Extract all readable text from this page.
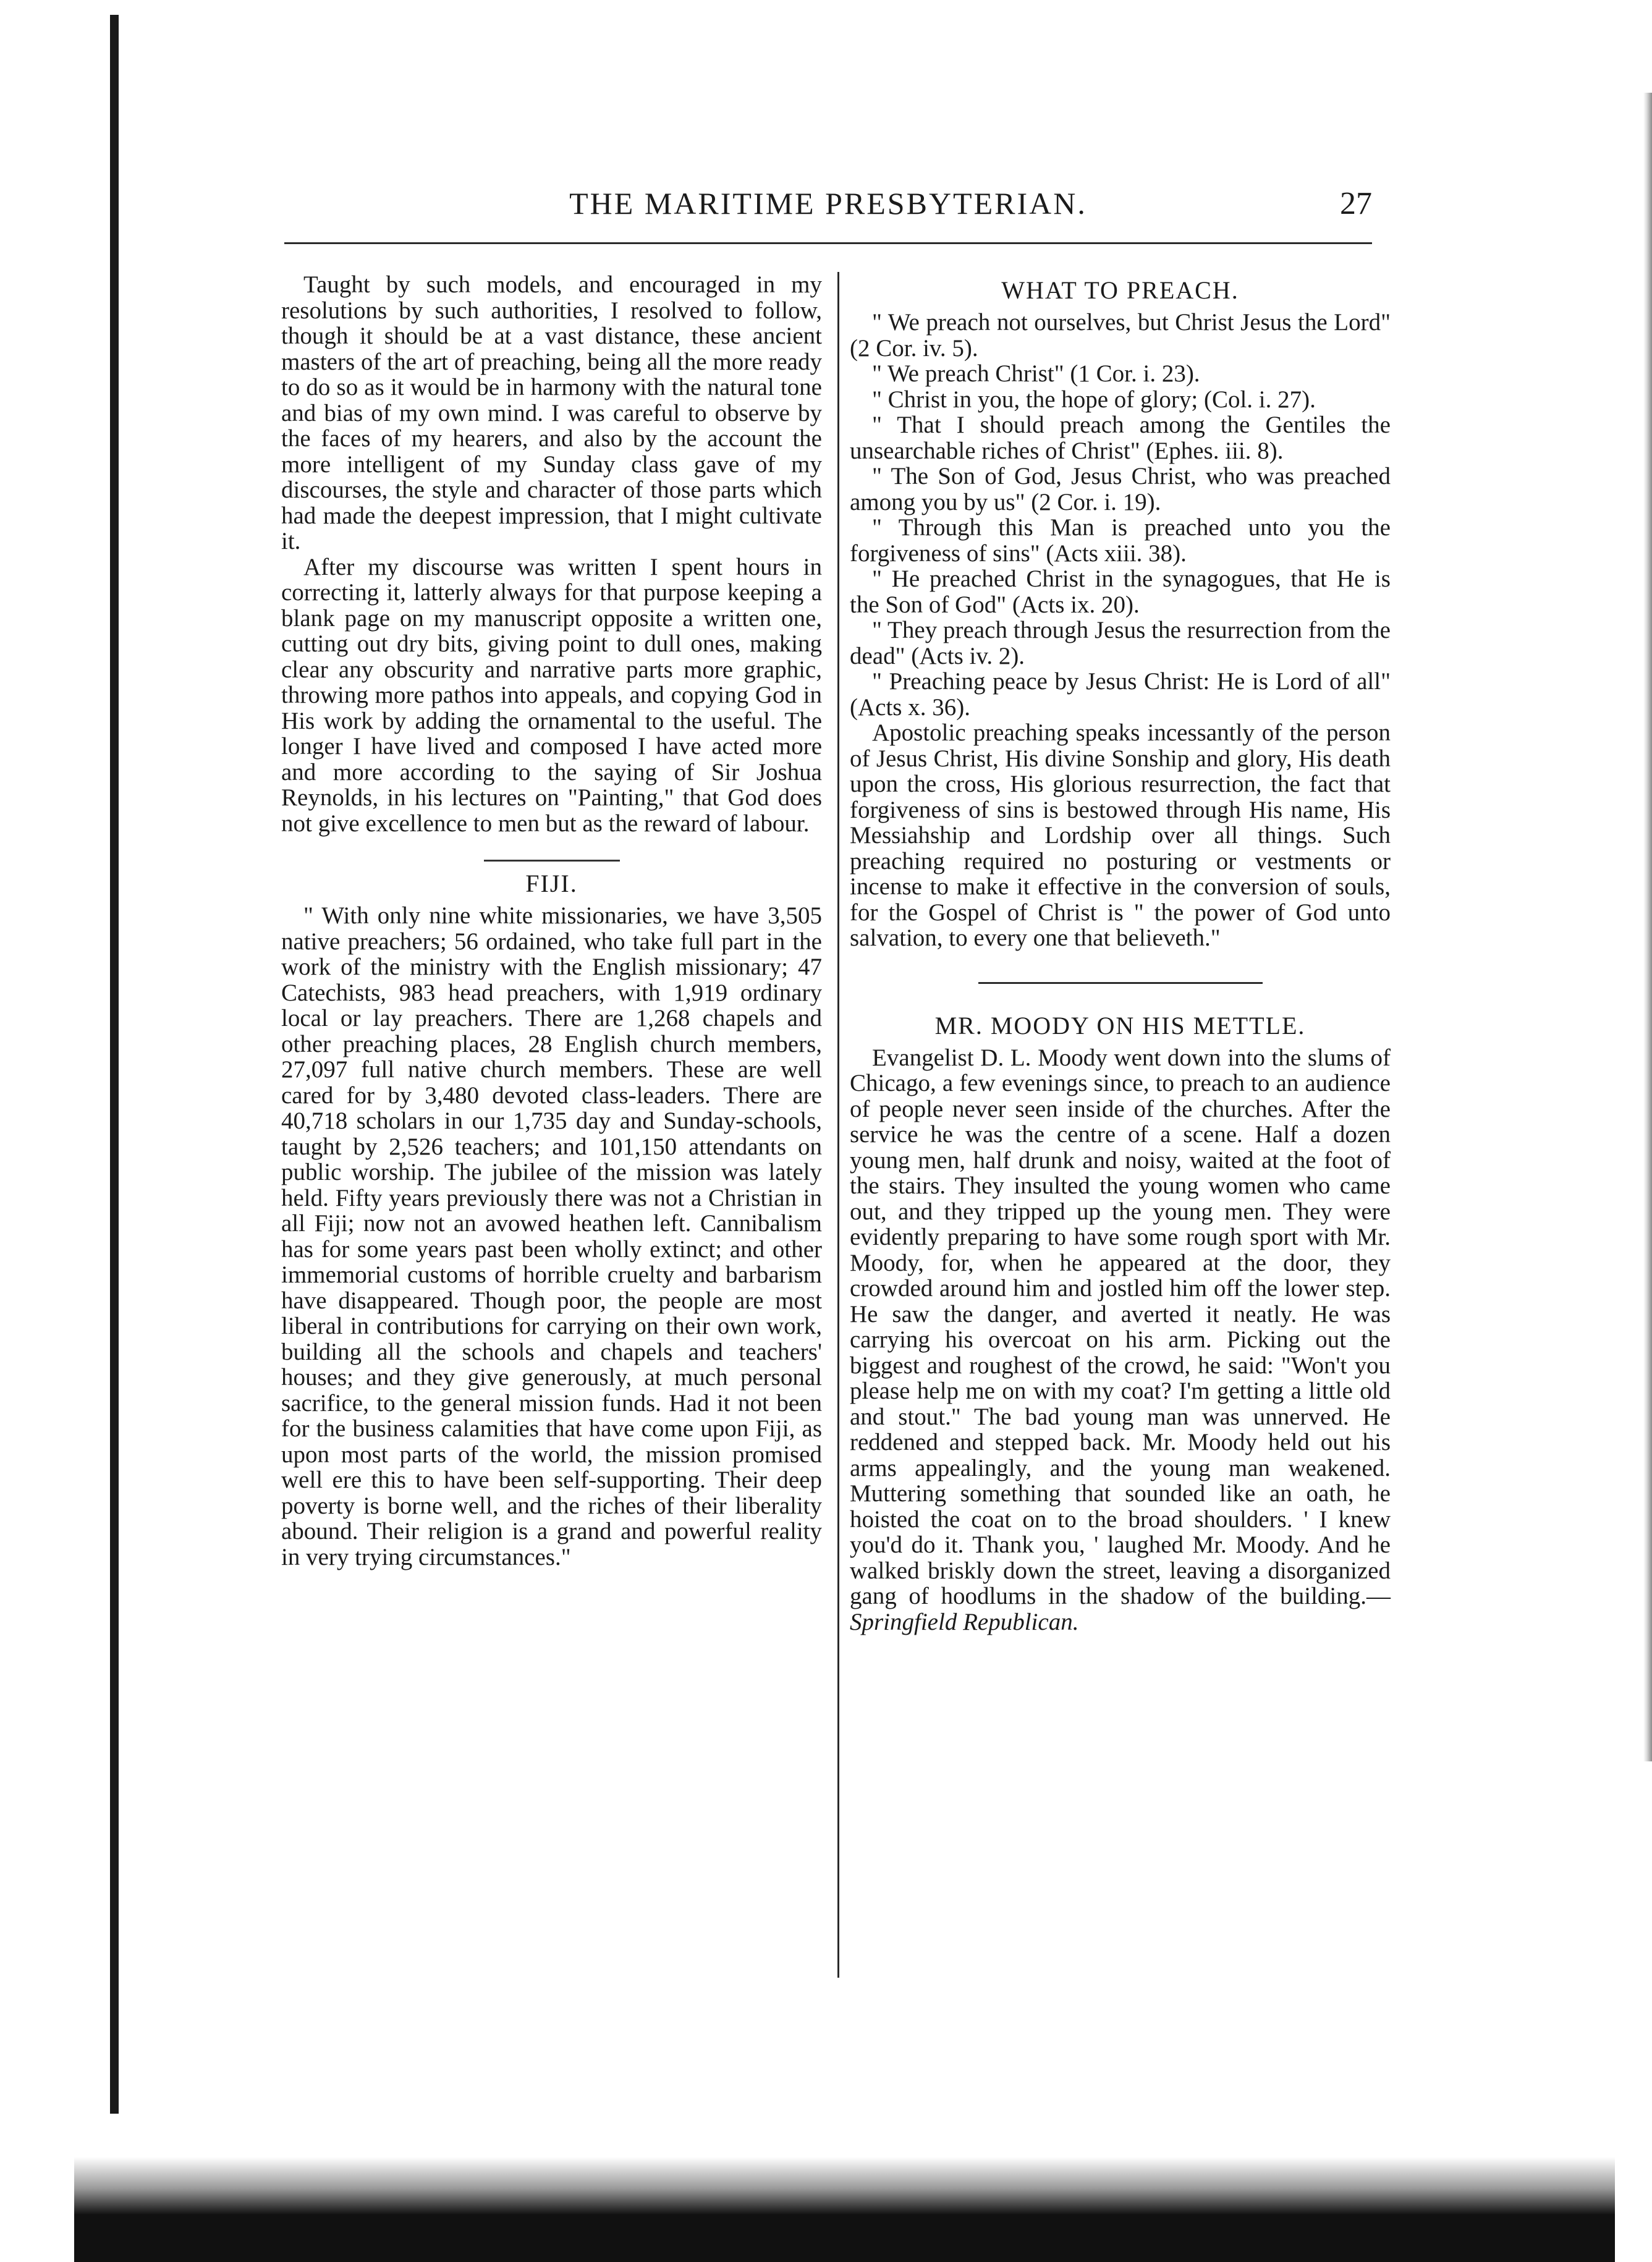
THE MARITIME PRESBYTERIAN.	27

Taught by such models, and encouraged in my resolutions by such authorities, I resolved to follow, though it should be at a vast distance, these ancient masters of the art of preaching, being all the more ready to do so as it would be in harmony with the natural tone and bias of my own mind. I was careful to observe by the faces of my hearers, and also by the account the more intelligent of my Sunday class gave of my discourses, the style and character of those parts which had made the deepest impression, that I might cultivate it.

After my discourse was written I spent hours in correcting it, latterly always for that purpose keeping a blank page on my manuscript opposite a written one, cutting out dry bits, giving point to dull ones, making clear any obscurity and narrative parts more graphic, throwing more pathos into appeals, and copying God in His work by adding the ornamental to the useful. The longer I have lived and composed I have acted more and more according to the saying of Sir Joshua Reynolds, in his lectures on "Painting," that God does not give excellence to men but as the reward of labour.

FIJI.

" With only nine white missionaries, we have 3,505 native preachers; 56 ordained, who take full part in the work of the ministry with the English missionary; 47 Catechists, 983 head preachers, with 1,919 ordinary local or lay preachers. There are 1,268 chapels and other preaching places, 28 English church members, 27,097 full native church members. These are well cared for by 3,480 devoted class-leaders. There are 40,718 scholars in our 1,735 day and Sunday-schools, taught by 2,526 teachers; and 101,150 attendants on public worship. The jubilee of the mission was lately held. Fifty years previously there was not a Christian in all Fiji; now not an avowed heathen left. Cannibalism has for some years past been wholly extinct; and other immemorial customs of horrible cruelty and barbarism have disappeared. Though poor, the people are most liberal in contributions for carrying on their own work, building all the schools and chapels and teachers' houses; and they give generously, at much personal sacrifice, to the general mission funds. Had it not been for the business calamities that have come upon Fiji, as upon most parts of the world, the mission promised well ere this to have been self-supporting. Their deep poverty is borne well, and the riches of their liberality abound. Their religion is a grand and powerful reality in very trying circumstances."

WHAT TO PREACH.

" We preach not ourselves, but Christ Jesus the Lord" (2 Cor. iv. 5).

" We preach Christ" (1 Cor. i. 23).

" Christ in you, the hope of glory; (Col. i. 27).

" That I should preach among the Gentiles the unsearchable riches of Christ" (Ephes. iii. 8).

" The Son of God, Jesus Christ, who was preached among you by us" (2 Cor. i. 19).

" Through this Man is preached unto you the forgiveness of sins" (Acts xiii. 38).

" He preached Christ in the synagogues, that He is the Son of God" (Acts ix. 20).

" They preach through Jesus the resurrection from the dead" (Acts iv. 2).

" Preaching peace by Jesus Christ: He is Lord of all" (Acts x. 36).

Apostolic preaching speaks incessantly of the person of Jesus Christ, His divine Sonship and glory, His death upon the cross, His glorious resurrection, the fact that forgiveness of sins is bestowed through His name, His Messiahship and Lordship over all things. Such preaching required no posturing or vestments or incense to make it effective in the conversion of souls, for the Gospel of Christ is " the power of God unto salvation, to every one that believeth."

MR. MOODY ON HIS METTLE.

Evangelist D. L. Moody went down into the slums of Chicago, a few evenings since, to preach to an audience of people never seen inside of the churches. After the service he was the centre of a scene. Half a dozen young men, half drunk and noisy, waited at the foot of the stairs. They insulted the young women who came out, and they tripped up the young men. They were evidently preparing to have some rough sport with Mr. Moody, for, when he appeared at the door, they crowded around him and jostled him off the lower step. He saw the danger, and averted it neatly. He was carrying his overcoat on his arm. Picking out the biggest and roughest of the crowd, he said: "Won't you please help me on with my coat? I'm getting a little old and stout." The bad young man was unnerved. He reddened and stepped back. Mr. Moody held out his arms appealingly, and the young man weakened. Muttering something that sounded like an oath, he hoisted the coat on to the broad shoulders. ' I knew you'd do it. Thank you, ' laughed Mr. Moody. And he walked briskly down the street, leaving a disorganized gang of hoodlums in the shadow of the building.—Springfield Republican.
